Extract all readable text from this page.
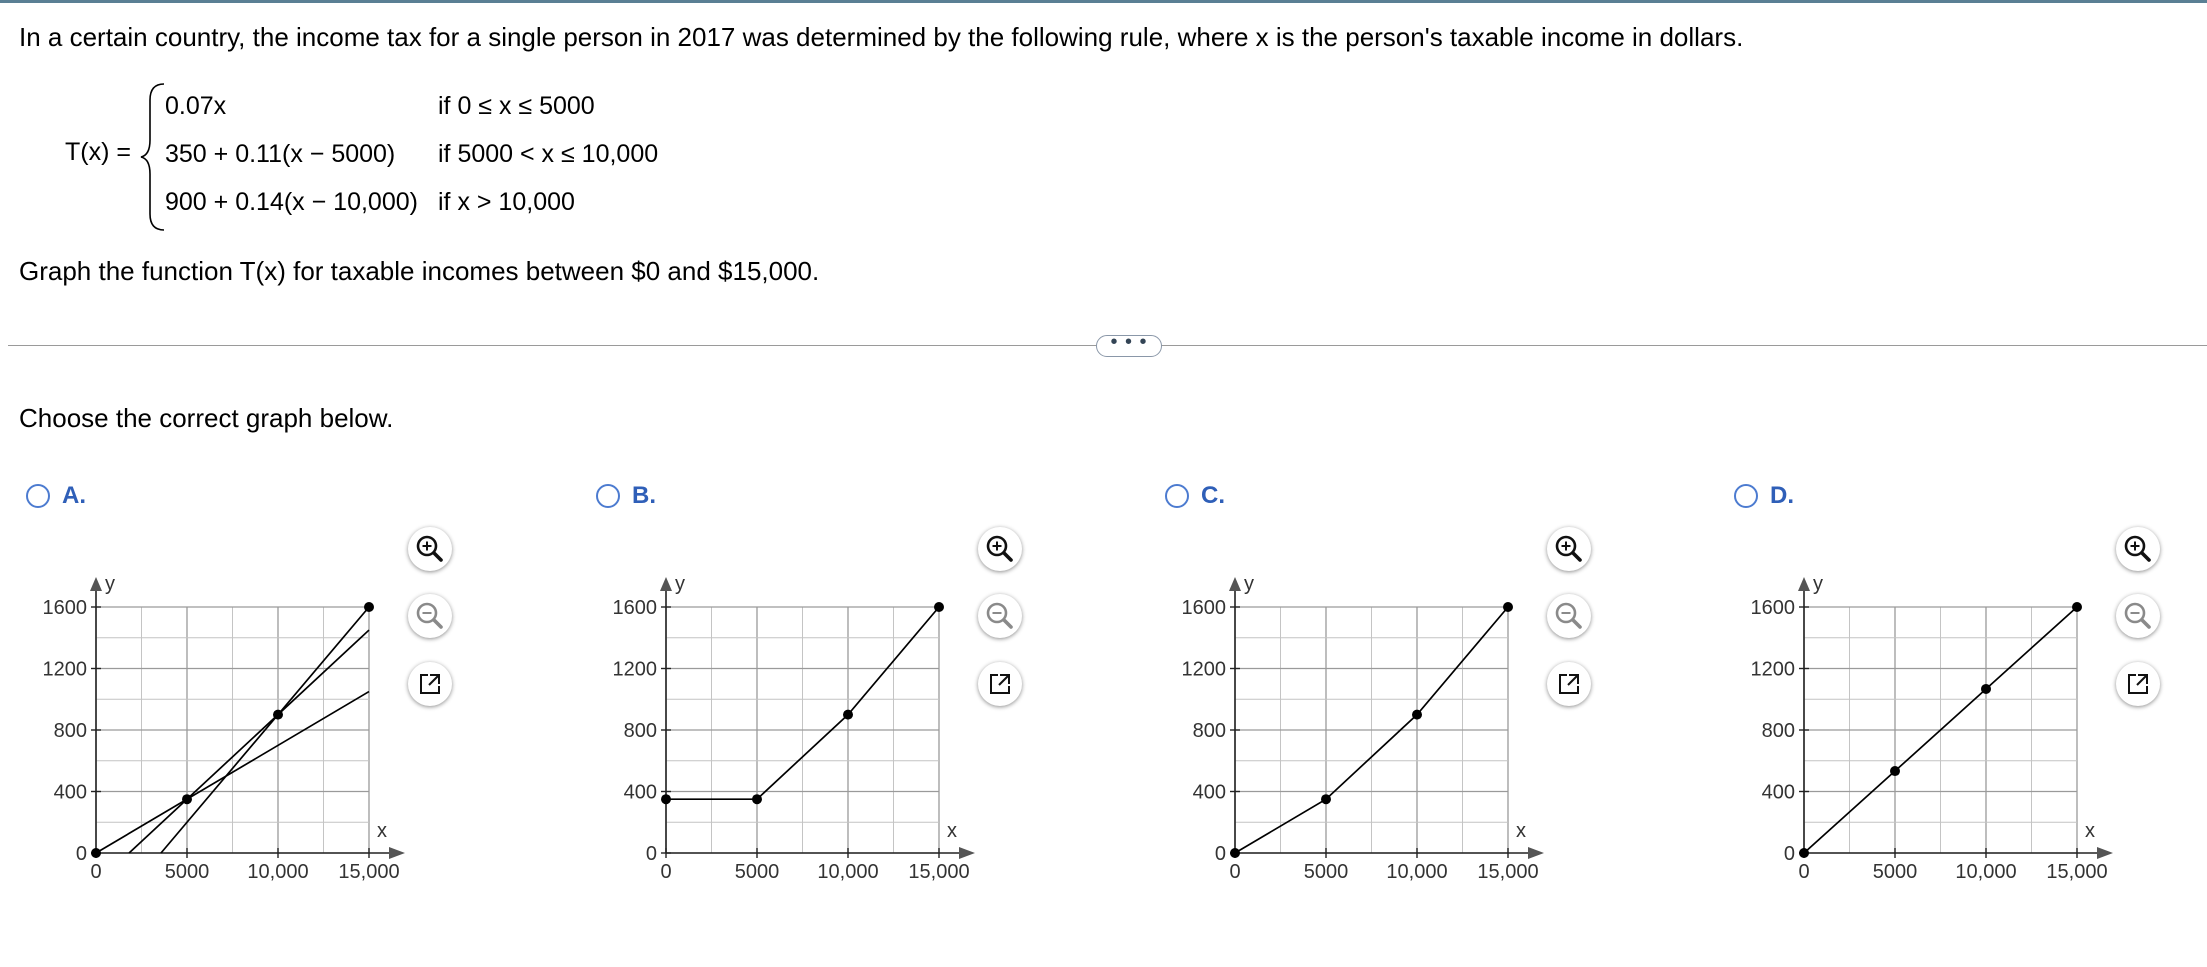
In a certain country, the income tax for a single person in 2017 was determined by the following rule, where x is the person's taxable income in dollars.
T(x) =
0.07x	if 0 ≤ x ≤ 5000
350 + 0.11(x − 5000) if 5000 < x ≤ 10,000
900 + 0.14(x − 10,000) if x > 10,000
Graph the function T(x) for taxable incomes between $0 and $15,000.
• • •
Choose the correct graph below.
A.
y
x
0
400
800
1200
1600
0	5000 10,000 15,000
B.
y
x
0
400
800
1200
1600
0	5000 10,000 15,000
C.
y
x
0
400
800
1200
1600
0	5000 10,000 15,000
D.
y
x
0
400
800
1200
1600
0	5000 10,000 15,000
